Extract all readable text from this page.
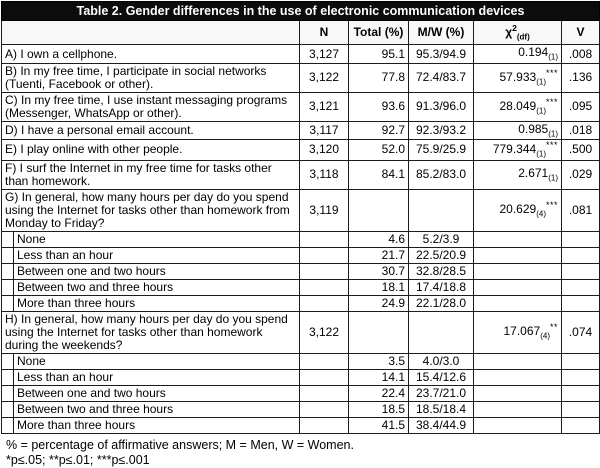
Table 2. Gender differences in the use of electronic communication devices						
		N	Total (%)	M/W (%)	$\chi^2_{(df)}$	V
A) I own a cellphone.		3,127	95.1	95.3/94.9	$0.194_{(1)}$	.008
B) In my free time, I participate in social networks (Tuenti, Facebook or other).		3,122	77.8	72.4/83.7	$57.933_{(1)}^{***}$	.136
C) In my free time, I use instant messaging programs (Messenger, WhatsApp or other).		3,121	93.6	91.3/96.0	$28.049_{(1)}^{***}$	.095
D) I have a personal email account.		3,117	92.7	92.3/93.2	$0.985_{(1)}$	.018
E) I play online with other people.		3,120	52.0	75.9/25.9	$779.344_{(1)}^{***}$	.500
F) I surf the Internet in my free time for tasks other than homework.		3,118	84.1	85.2/83.0	$2.671_{(1)}$	.029
G) In general, how many hours per day do you spend using the Internet for tasks other than homework from Monday to Friday?		3,119			$20.629_{(4)}^{***}$	.081
	None		4.6	5.2/3.9		
	Less than an hour		21.7	22.5/20.9		
	Between one and two hours		30.7	32.8/28.5		
	Between two and three hours		18.1	17.4/18.8		
	More than three hours		24.9	22.1/28.0		
H) In general, how many hours per day do you spend using the Internet for tasks other than homework during the weekends?		3,122			$17.067_{(4)}^{**}$	.074
	None		3.5	4.0/3.0		
	Less than an hour		14.1	15.4/12.6		
	Between one and two hours		22.4	23.7/21.0		
	Between two and three hours		18.5	18.5/18.4		
	More than three hours		41.5	38.4/44.9		
% = percentage of affirmative answers; M = Men, W = Women.
*p≤.05; **p≤.01; ***p≤.001
